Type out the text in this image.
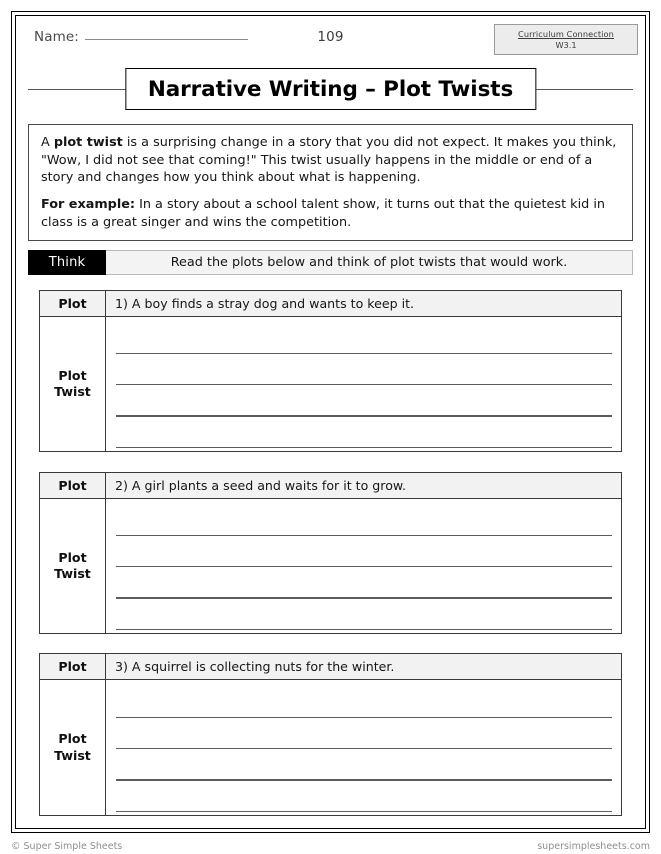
Name:	109	Curriculum Connection
W3.1
Narrative Writing – Plot Twists

A plot twist is a surprising change in a story that you did not expect. It makes you think, "Wow, I did not see that coming!" This twist usually happens in the middle or end of a story and changes how you think about what is happening.

For example: In a story about a school talent show, it turns out that the quietest kid in class is a great singer and wins the competition.

Think	Read the plots below and think of plot twists that would work.
Plot	1) A boy finds a stray dog and wants to keep it.
Plot
Twist
Plot	2) A girl plants a seed and waits for it to grow.
Plot
Twist
Plot	3) A squirrel is collecting nuts for the winter.
Plot
Twist
© Super Simple Sheets	supersimplesheets.com
